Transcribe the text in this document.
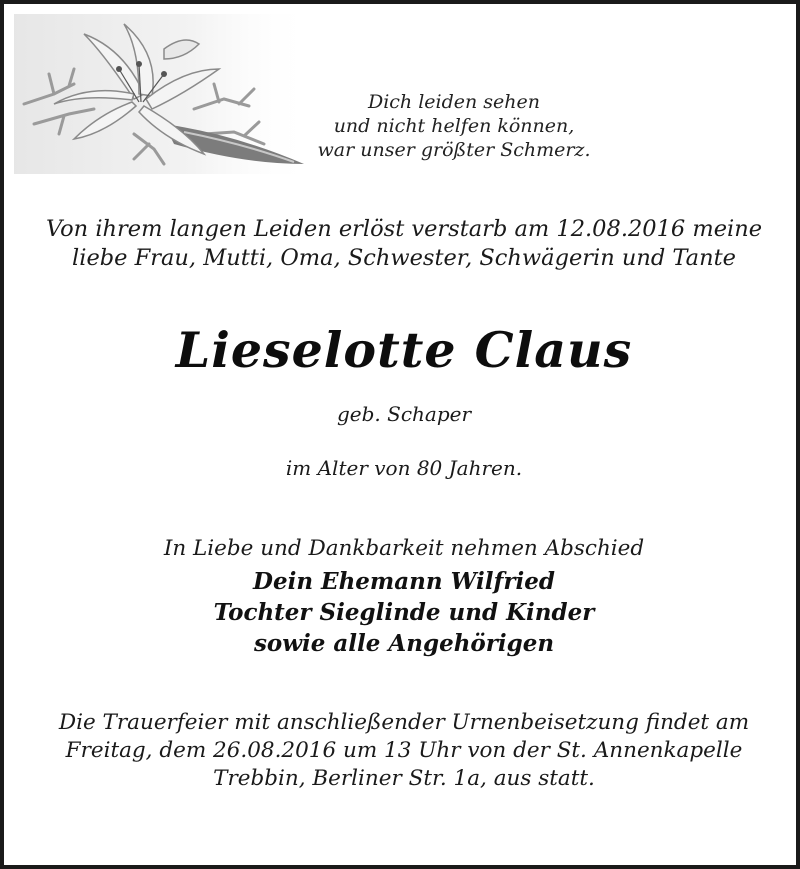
Dich leiden sehen
und nicht helfen können,
war unser größter Schmerz.
Von ihrem langen Leiden erlöst verstarb am 12.08.2016 meine
liebe Frau, Mutti, Oma, Schwester, Schwägerin und Tante
Lieselotte Claus
geb. Schaper
im Alter von 80 Jahren.
In Liebe und Dankbarkeit nehmen Abschied
Dein Ehemann Wilfried
Tochter Sieglinde und Kinder
sowie alle Angehörigen
Die Trauerfeier mit anschließender Urnenbeisetzung findet am
Freitag, dem 26.08.2016 um 13 Uhr von der St. Annenkapelle
Trebbin, Berliner Str. 1a, aus statt.
